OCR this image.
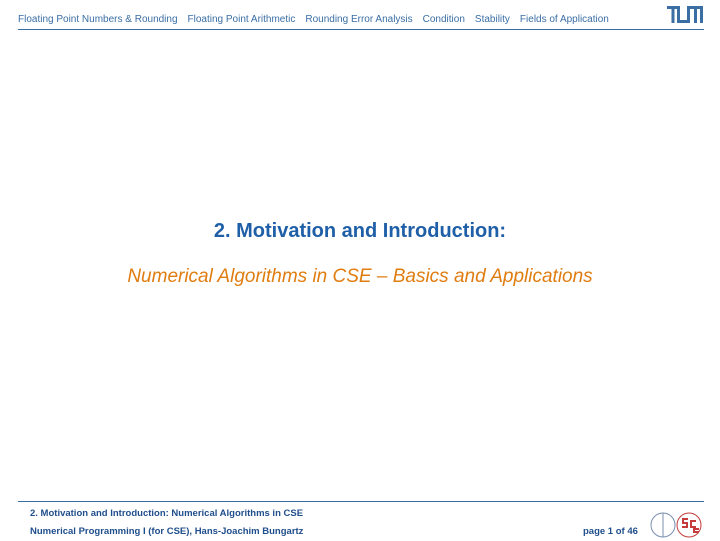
Floating Point Numbers & Rounding Floating Point Arithmetic Rounding Error Analysis Condition Stability Fields of Application
2. Motivation and Introduction:
Numerical Algorithms in CSE – Basics and Applications
2. Motivation and Introduction: Numerical Algorithms in CSE
Numerical Programming I (for CSE), Hans-Joachim Bungartz	page 1 of 46
